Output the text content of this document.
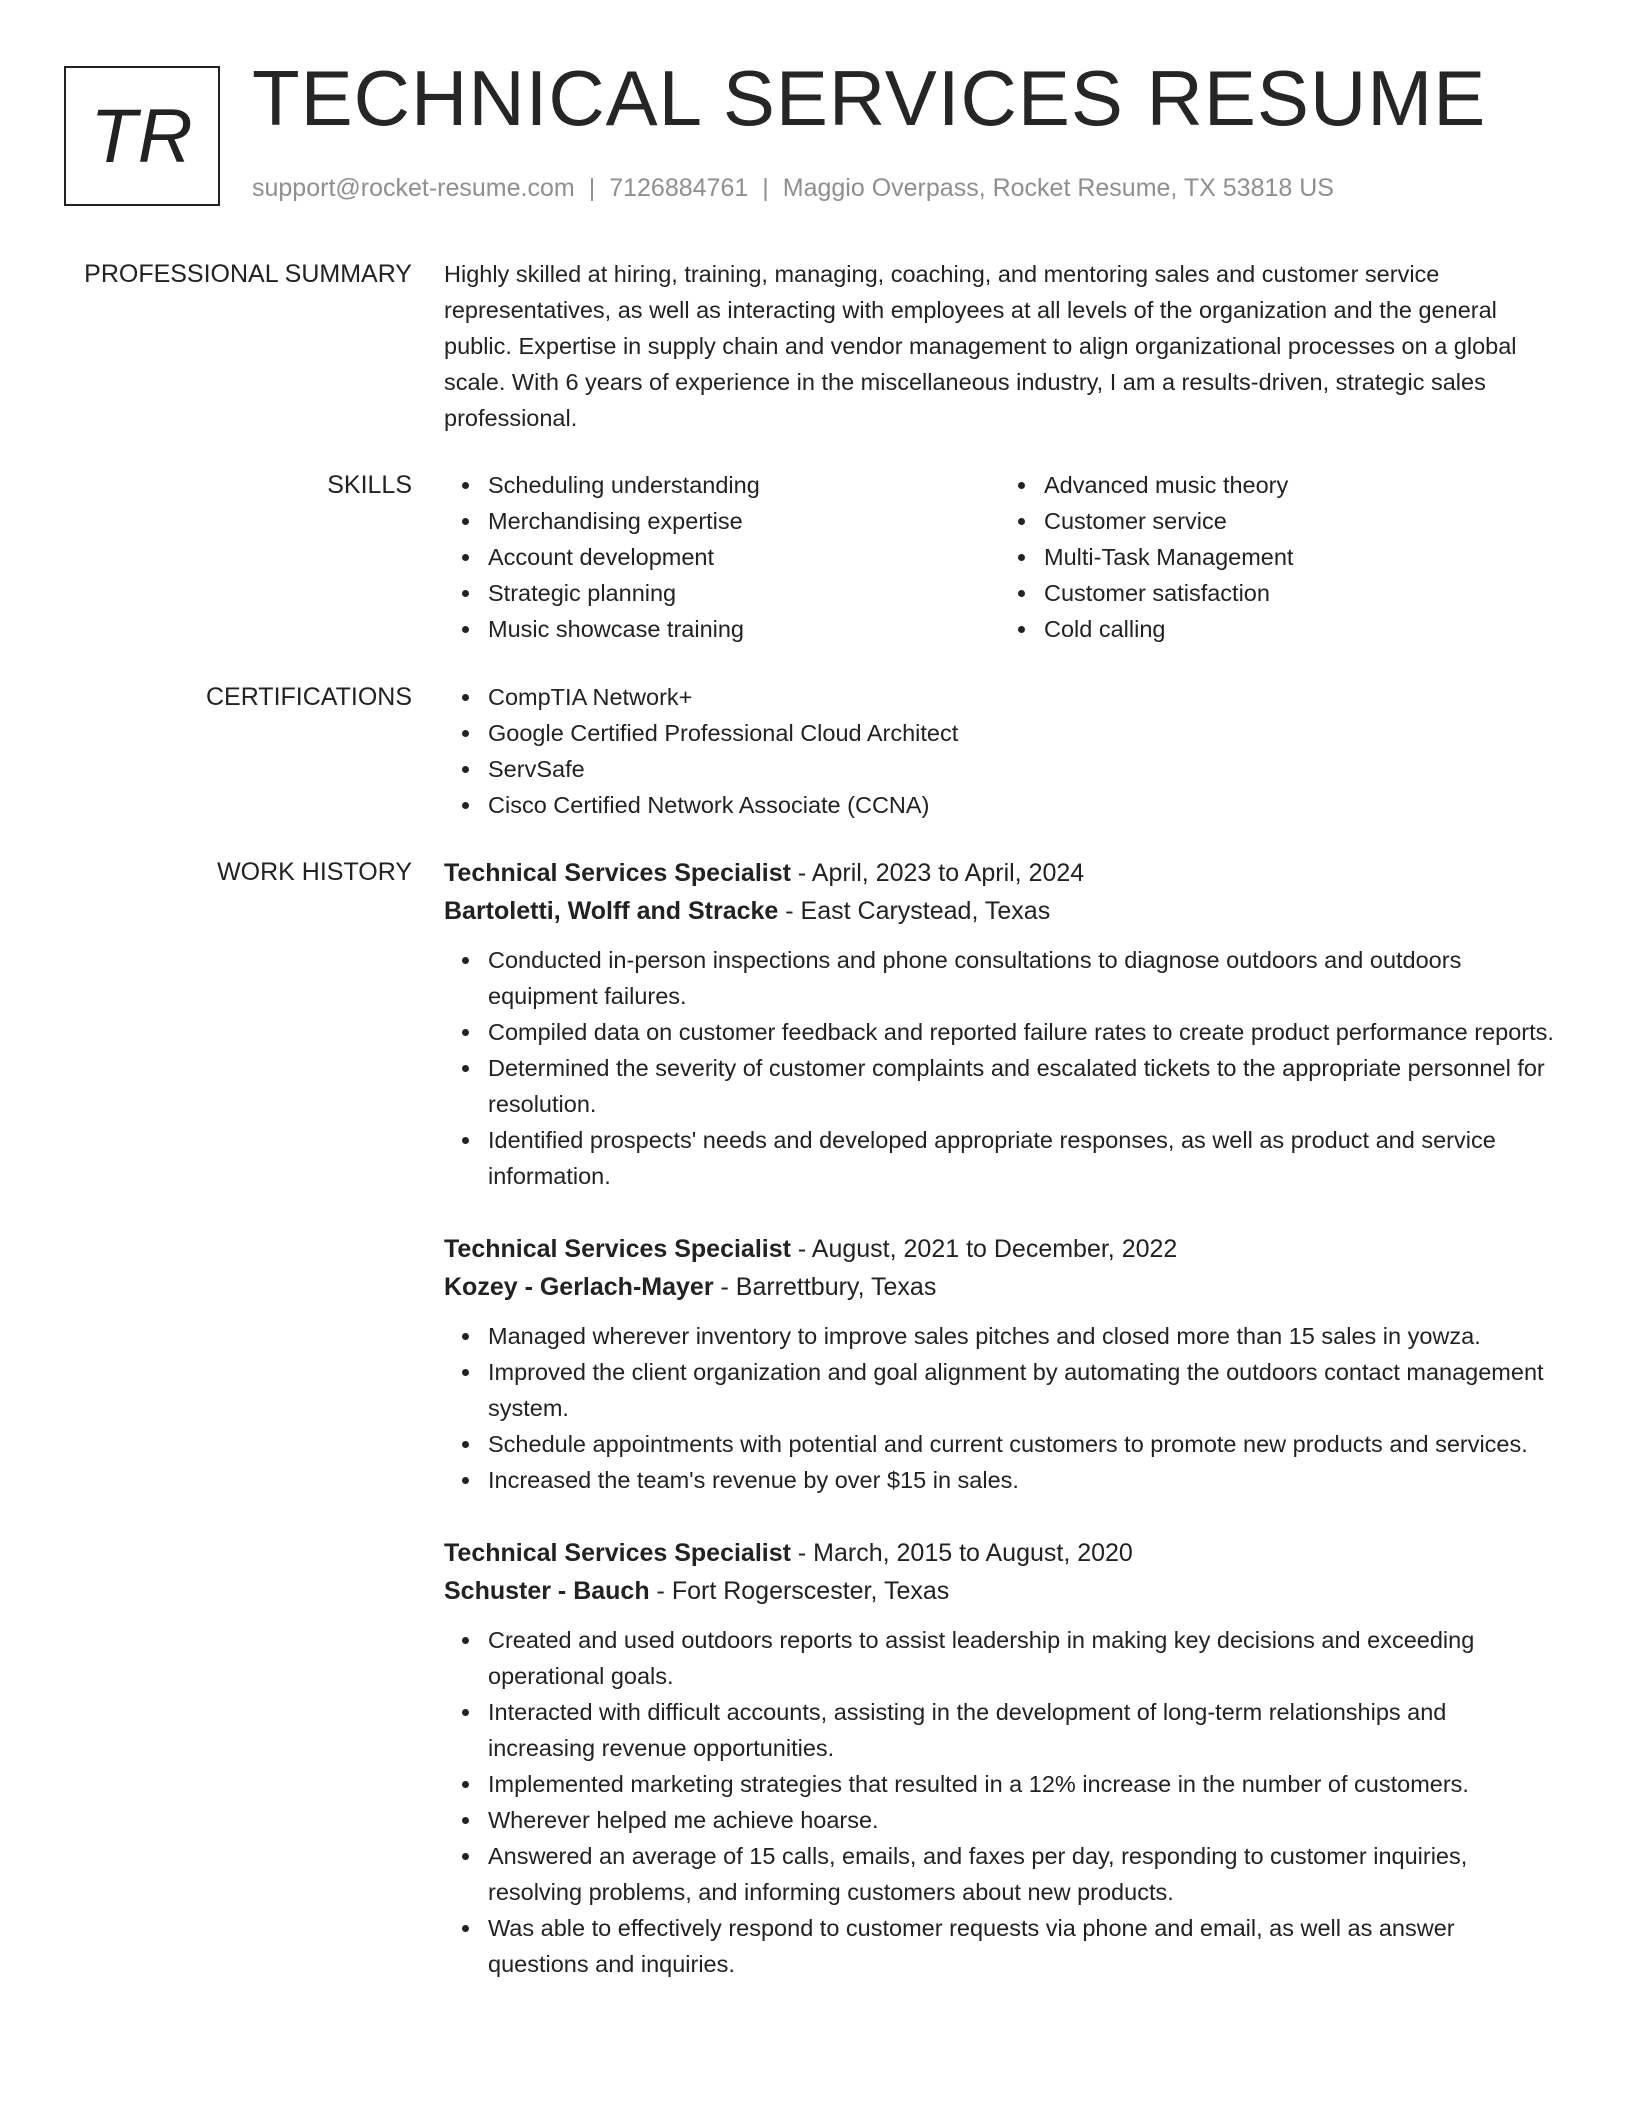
TR TECHNICAL SERVICES RESUME
support@rocket-resume.com | 7126884761 | Maggio Overpass, Rocket Resume, TX 53818 US
PROFESSIONAL SUMMARY Highly skilled at hiring, training, managing, coaching, and mentoring sales and customer service representatives, as well as interacting with employees at all levels of the organization and the general public. Expertise in supply chain and vendor management to align organizational processes on a global scale. With 6 years of experience in the miscellaneous industry, I am a results-driven, strategic sales professional.

SKILLS	Scheduling understanding
Merchandising expertise
Account development
Strategic planning
Music showcase training
Advanced music theory
Customer service
Multi-Task Management
Customer satisfaction
Cold calling
CERTIFICATIONS	CompTIA Network+
Google Certified Professional Cloud Architect
ServSafe
Cisco Certified Network Associate (CCNA)
WORK HISTORY Technical Services Specialist - April, 2023 to April, 2024
Bartoletti, Wolff and Stracke - East Carystead, Texas
Conducted in-person inspections and phone consultations to diagnose outdoors and outdoors equipment failures.
Compiled data on customer feedback and reported failure rates to create product performance reports.
Determined the severity of customer complaints and escalated tickets to the appropriate personnel for resolution.
Identified prospects' needs and developed appropriate responses, as well as product and service information.
Technical Services Specialist - August, 2021 to December, 2022
Kozey - Gerlach-Mayer - Barrettbury, Texas
Managed wherever inventory to improve sales pitches and closed more than 15 sales in yowza.
Improved the client organization and goal alignment by automating the outdoors contact management system.
Schedule appointments with potential and current customers to promote new products and services.
Increased the team's revenue by over $15 in sales.
Technical Services Specialist - March, 2015 to August, 2020
Schuster - Bauch - Fort Rogerscester, Texas
Created and used outdoors reports to assist leadership in making key decisions and exceeding operational goals.
Interacted with difficult accounts, assisting in the development of long-term relationships and increasing revenue opportunities.
Implemented marketing strategies that resulted in a 12% increase in the number of customers.
Wherever helped me achieve hoarse.
Answered an average of 15 calls, emails, and faxes per day, responding to customer inquiries, resolving problems, and informing customers about new products.
Was able to effectively respond to customer requests via phone and email, as well as answer questions and inquiries.
